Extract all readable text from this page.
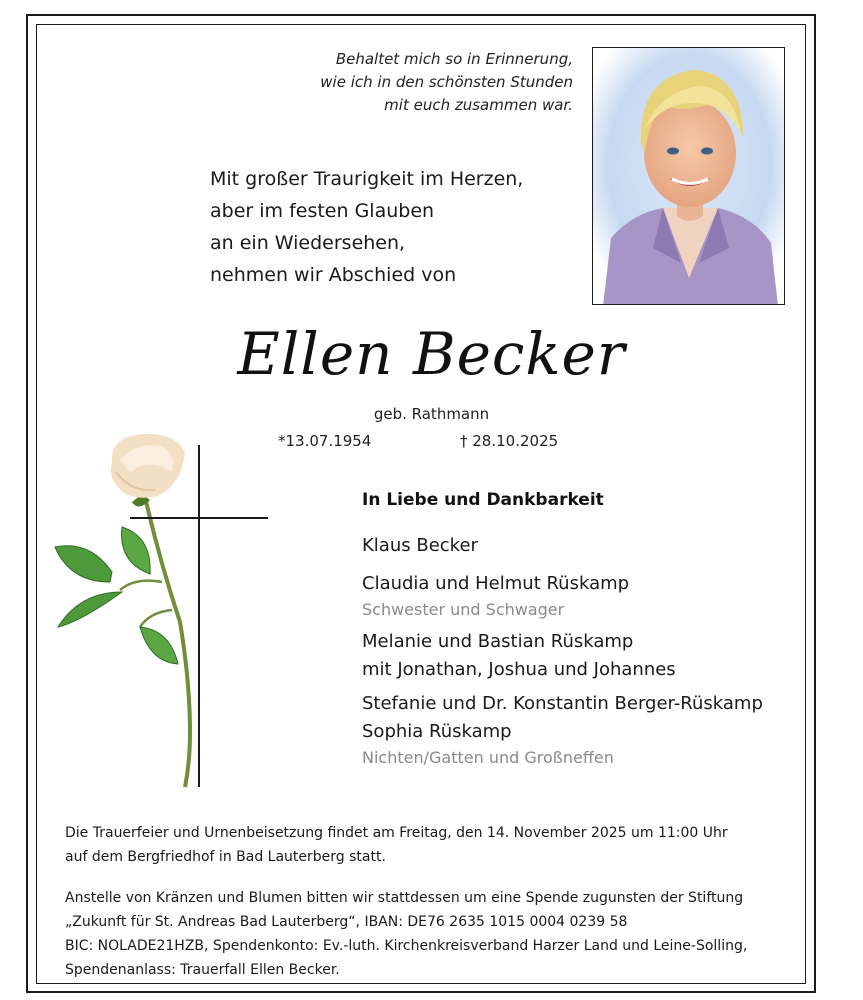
Behaltet mich so in Erinnerung,
wie ich in den schönsten Stunden
mit euch zusammen war.
Mit großer Traurigkeit im Herzen,
aber im festen Glauben
an ein Wiedersehen,
nehmen wir Abschied von
Ellen Becker
geb. Rathmann
*13.07.1954	† 28.10.2025
In Liebe und Dankbarkeit
Klaus Becker
Claudia und Helmut Rüskamp
Schwester und Schwager
Melanie und Bastian Rüskamp
mit Jonathan, Joshua und Johannes
Stefanie und Dr. Konstantin Berger-Rüskamp
Sophia Rüskamp
Nichten/Gatten und Großneffen
Die Trauerfeier und Urnenbeisetzung findet am Freitag, den 14. November 2025 um 11:00 Uhr
auf dem Bergfriedhof in Bad Lauterberg statt.
Anstelle von Kränzen und Blumen bitten wir stattdessen um eine Spende zugunsten der Stiftung
„Zukunft für St. Andreas Bad Lauterberg“, IBAN: DE76 2635 1015 0004 0239 58
BIC: NOLADE21HZB, Spendenkonto: Ev.-luth. Kirchenkreisverband Harzer Land und Leine-Solling,
Spendenanlass: Trauerfall Ellen Becker.
